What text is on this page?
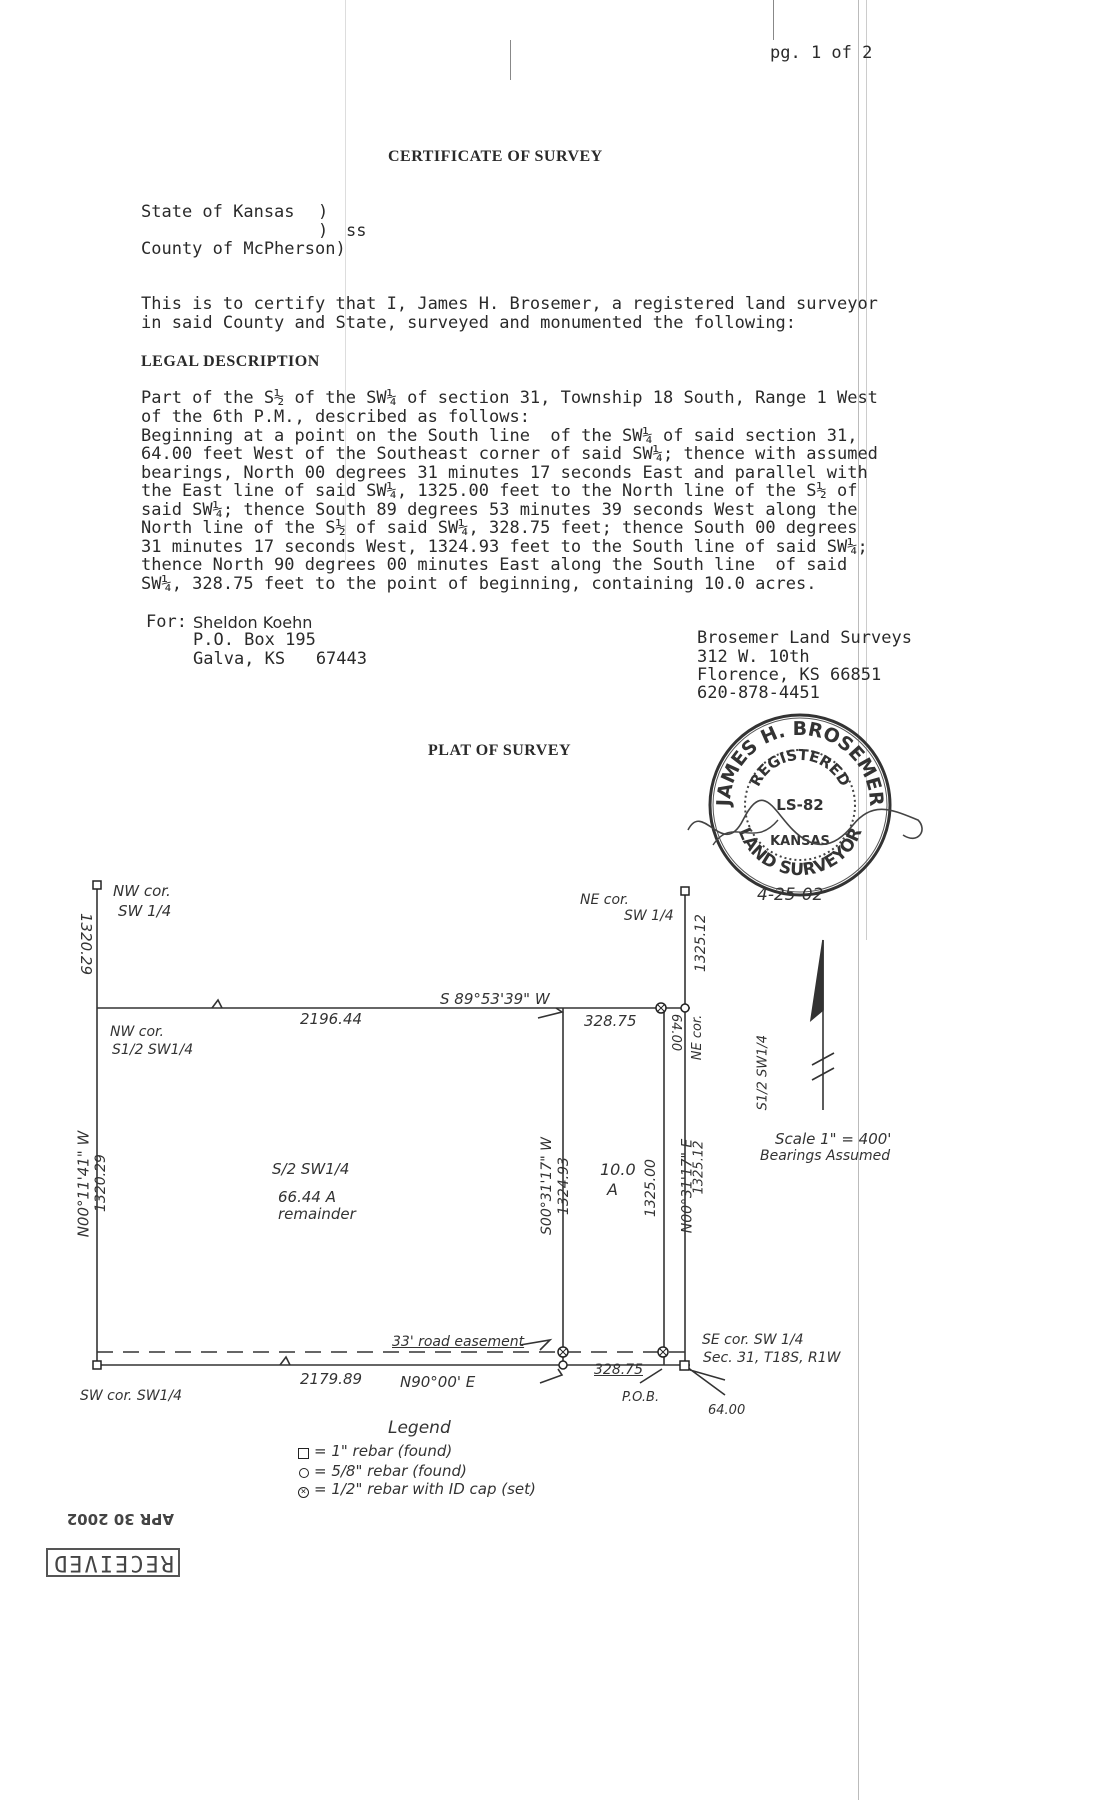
pg. 1 of 2
CERTIFICATE OF SURVEY
State of Kansas )
) ss
County of McPherson)
This is to certify that I, James H. Brosemer, a registered land surveyor
in said County and State, surveyed and monumented the following:
LEGAL DESCRIPTION
Part of the S½ of the SW¼ of section 31, Township 18 South, Range 1 West
of the 6th P.M., described as follows:
Beginning at a point on the South line  of the SW¼ of said section 31,
64.00 feet West of the Southeast corner of said SW¼; thence with assumed
bearings, North 00 degrees 31 minutes 17 seconds East and parallel with
the East line of said SW¼, 1325.00 feet to the North line of the S½ of
said SW¼; thence South 89 degrees 53 minutes 39 seconds West along the
North line of the S½ of said SW¼, 328.75 feet; thence South 00 degrees
31 minutes 17 seconds West, 1324.93 feet to the South line of said SW¼;
thence North 90 degrees 00 minutes East along the South line  of said
SW¼, 328.75 feet to the point of beginning, containing 10.0 acres.
For: Sheldon Koehn
P.O. Box 195
Galva, KS   67443
Brosemer Land Surveys
312 W. 10th
Florence, KS 66851
620-878-4451
PLAT OF SURVEY
JAMES H. BROSEMER
LAND SURVEYOR
REGISTERED
LS-82
KANSAS
4-25-02
NW cor.
SW 1/4
NE cor.
SW 1/4
1320.29	1325.12
S 89°53'39" W
2196.44	328.75 64.00 NE cor.	S1/2 SW1/4
NW cor.
S1/2 SW1/4
N00°11'41" W 1320.29	S/2 SW1/4
66.44 A
remainder	S00°31'17" W 1324.93 10.0
A 1325.00 N00°31'17" E
1325.12
Scale 1" = 400'
Bearings Assumed
33' road easement	SE cor. SW 1/4
Sec. 31, T18S, R1W
2179.89	N90°00' E
328.75
P.O.B.
64.00
SW cor. SW1/4
Legend
= 1" rebar (found)
= 5/8" rebar (found)
× = 1/2" rebar with ID cap (set)
RECEIVED
APR 30 2002
